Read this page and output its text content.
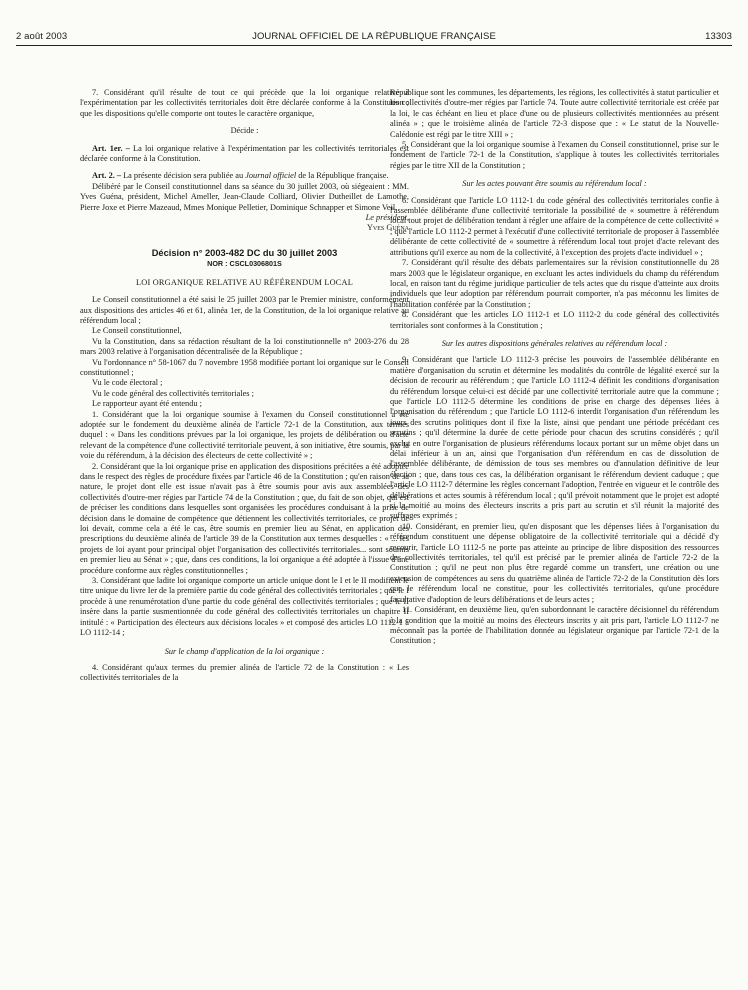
2 août 2003	JOURNAL OFFICIEL DE LA RÉPUBLIQUE FRANÇAISE	13303

7. Considérant qu'il résulte de tout ce qui précède que la loi organique relative à l'expérimentation par les collectivités territoriales doit être déclarée conforme à la Constitution ; que les dispositions qu'elle comporte ont toutes le caractère organique,

Décide :

Art. 1er. – La loi organique relative à l'expérimentation par les collectivités territoriales est déclarée conforme à la Constitution.

Art. 2. – La présente décision sera publiée au Journal officiel de la République française.

Délibéré par le Conseil constitutionnel dans sa séance du 30 juillet 2003, où siégeaient : MM. Yves Guéna, président, Michel Ameller, Jean-Claude Colliard, Olivier Dutheillet de Lamothe, Pierre Joxe et Pierre Mazeaud, Mmes Monique Pelletier, Dominique Schnapper et Simone Veil.

Le président,

Yves Guéna

Décision n° 2003-482 DC du 30 juillet 2003

NOR : CSCL0306801S

LOI ORGANIQUE RELATIVE AU RÉFÉRENDUM LOCAL

Le Conseil constitutionnel a été saisi le 25 juillet 2003 par le Premier ministre, conformément aux dispositions des articles 46 et 61, alinéa 1er, de la Constitution, de la loi organique relative au référendum local ;

Le Conseil constitutionnel,

Vu la Constitution, dans sa rédaction résultant de la loi constitutionnelle n° 2003-276 du 28 mars 2003 relative à l'organisation décentralisée de la République ;

Vu l'ordonnance n° 58-1067 du 7 novembre 1958 modifiée portant loi organique sur le Conseil constitutionnel ;

Vu le code électoral ;

Vu le code général des collectivités territoriales ;

Le rapporteur ayant été entendu ;

1. Considérant que la loi organique soumise à l'examen du Conseil constitutionnel a été adoptée sur le fondement du deuxième alinéa de l'article 72-1 de la Constitution, aux termes duquel : « Dans les conditions prévues par la loi organique, les projets de délibération ou d'acte relevant de la compétence d'une collectivité territoriale peuvent, à son initiative, être soumis, par la voie du référendum, à la décision des électeurs de cette collectivité » ;

2. Considérant que la loi organique prise en application des dispositions précitées a été adoptée dans le respect des règles de procédure fixées par l'article 46 de la Constitution ; qu'en raison de sa nature, le projet dont elle est issue n'avait pas à être soumis pour avis aux assemblées des collectivités d'outre-mer régies par l'article 74 de la Constitution ; que, du fait de son objet, qui est de préciser les conditions dans lesquelles sont organisées les procédures conduisant à la prise de décision dans le domaine de compétence que détiennent les collectivités territoriales, ce projet de loi devait, comme cela a été le cas, être soumis en premier lieu au Sénat, en application des prescriptions du deuxième alinéa de l'article 39 de la Constitution aux termes desquelles : « ... les projets de loi ayant pour principal objet l'organisation des collectivités territoriales... sont soumis en premier lieu au Sénat » ; que, dans ces conditions, la loi organique a été adoptée à l'issue d'une procédure conforme aux règles constitutionnelles ;

3. Considérant que ladite loi organique comporte un article unique dont le I et le II modifient le titre unique du livre Ier de la première partie du code général des collectivités territoriales ; que le I procède à une renumérotation d'une partie du code général des collectivités territoriales ; que le II insère dans la partie susmentionnée du code général des collectivités territoriales un chapitre II intitulé : « Participation des électeurs aux décisions locales » et composé des articles LO 1112-1 à LO 1112-14 ;

Sur le champ d'application de la loi organique :

4. Considérant qu'aux termes du premier alinéa de l'article 72 de la Constitution : « Les collectivités territoriales de la

République sont les communes, les départements, les régions, les collectivités à statut particulier et les collectivités d'outre-mer régies par l'article 74. Toute autre collectivité territoriale est créée par la loi, le cas échéant en lieu et place d'une ou de plusieurs collectivités mentionnées au présent alinéa » ; que le troisième alinéa de l'article 72-3 dispose que : « Le statut de la Nouvelle-Calédonie est régi par le titre XIII » ;

5. Considérant que la loi organique soumise à l'examen du Conseil constitutionnel, prise sur le fondement de l'article 72-1 de la Constitution, s'applique à toutes les collectivités territoriales régies par le titre XII de la Constitution ;

Sur les actes pouvant être soumis au référendum local :

6. Considérant que l'article LO 1112-1 du code général des collectivités territoriales confie à l'assemblée délibérante d'une collectivité territoriale la possibilité de « soumettre à référendum local tout projet de délibération tendant à régler une affaire de la compétence de cette collectivité » ; que l'article LO 1112-2 permet à l'exécutif d'une collectivité territoriale de proposer à l'assemblée délibérante de cette collectivité de « soumettre à référendum local tout projet d'acte relevant des attributions qu'il exerce au nom de la collectivité, à l'exception des projets d'acte individuel » ;

7. Considérant qu'il résulte des débats parlementaires sur la révision constitutionnelle du 28 mars 2003 que le législateur organique, en excluant les actes individuels du champ du référendum local, en raison tant du régime juridique particulier de tels actes que du risque d'atteinte aux droits individuels que leur adoption par référendum pourrait comporter, n'a pas méconnu les limites de l'habilitation conférée par la Constitution ;

8. Considérant que les articles LO 1112-1 et LO 1112-2 du code général des collectivités territoriales sont conformes à la Constitution ;

Sur les autres dispositions générales relatives au référendum local :

9. Considérant que l'article LO 1112-3 précise les pouvoirs de l'assemblée délibérante en matière d'organisation du scrutin et détermine les modalités du contrôle de légalité exercé sur la décision de recourir au référendum ; que l'article LO 1112-4 définit les conditions d'organisation du référendum lorsque celui-ci est décidé par une collectivité territoriale autre que la commune ; que l'article LO 1112-5 détermine les conditions de prise en charge des dépenses liées à l'organisation du référendum ; que l'article LO 1112-6 interdit l'organisation d'un référendum les jours des scrutins politiques dont il fixe la liste, ainsi que pendant une période précédant ces scrutins ; qu'il détermine la durée de cette période pour chacun des scrutins considérés ; qu'il exclut en outre l'organisation de plusieurs référendums locaux portant sur un même objet dans un délai inférieur à un an, ainsi que l'organisation d'un référendum en cas de dissolution de l'assemblée délibérante, de démission de tous ses membres ou d'annulation définitive de leur élection ; que, dans tous ces cas, la délibération organisant le référendum devient caduque ; que l'article LO 1112-7 détermine les règles concernant l'adoption, l'entrée en vigueur et le contrôle des délibérations et actes soumis à référendum local ; qu'il prévoit notamment que le projet est adopté si la moitié au moins des électeurs inscrits a pris part au scrutin et s'il réunit la majorité des suffrages exprimés ;

10. Considérant, en premier lieu, qu'en disposant que les dépenses liées à l'organisation du référendum constituent une dépense obligatoire de la collectivité territoriale qui a décidé d'y recourir, l'article LO 1112-5 ne porte pas atteinte au principe de libre disposition des ressources des collectivités territoriales, tel qu'il est précisé par le premier alinéa de l'article 72-2 de la Constitution ; qu'il ne peut non plus être regardé comme un transfert, une création ou une extension de compétences au sens du quatrième alinéa de l'article 72-2 de la Constitution dès lors que le référendum local ne constitue, pour les collectivités territoriales, qu'une procédure facultative d'adoption de leurs délibérations et de leurs actes ;

11. Considérant, en deuxième lieu, qu'en subordonnant le caractère décisionnel du référendum à la condition que la moitié au moins des électeurs inscrits y ait pris part, l'article LO 1112-7 ne méconnaît pas la portée de l'habilitation donnée au législateur organique par l'article 72-1 de la Constitution ;
